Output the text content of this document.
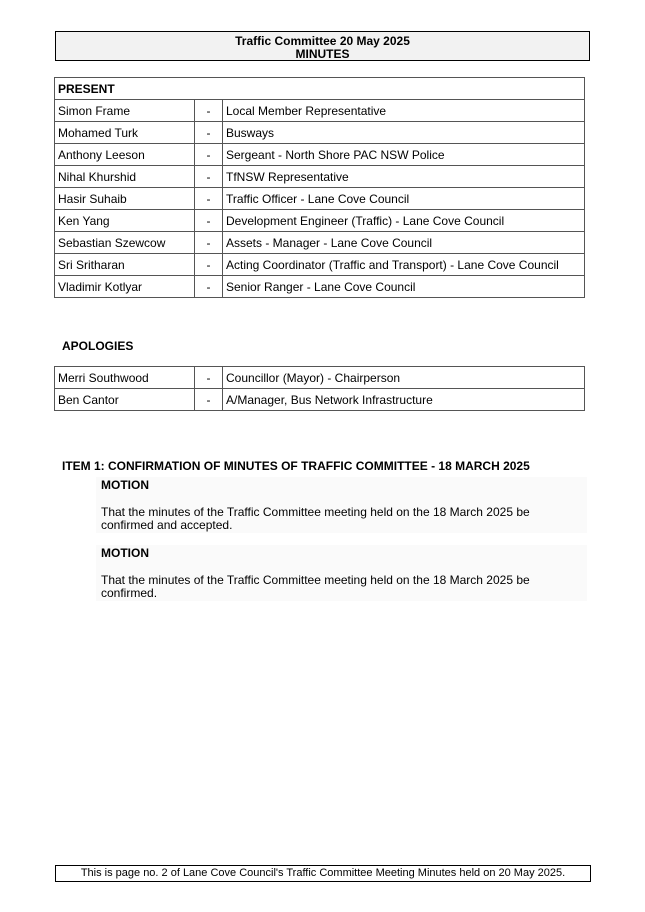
Traffic Committee 20 May 2025
MINUTES
PRESENT		
Simon Frame	-	Local Member Representative
Mohamed Turk	-	Busways
Anthony Leeson	-	Sergeant - North Shore PAC NSW Police
Nihal Khurshid	-	TfNSW Representative
Hasir Suhaib	-	Traffic Officer - Lane Cove Council
Ken Yang	-	Development Engineer (Traffic) - Lane Cove Council
Sebastian Szewcow	-	Assets - Manager - Lane Cove Council
Sri Sritharan	-	Acting Coordinator (Traffic and Transport) - Lane Cove Council
Vladimir Kotlyar	-	Senior Ranger - Lane Cove Council
APOLOGIES
Merri Southwood	-	Councillor (Mayor) - Chairperson
Ben Cantor	-	A/Manager, Bus Network Infrastructure
ITEM 1: CONFIRMATION OF MINUTES OF TRAFFIC COMMITTEE - 18 MARCH 2025
MOTION
That the minutes of the Traffic Committee meeting held on the 18 March 2025 be confirmed and accepted.
MOTION
That the minutes of the Traffic Committee meeting held on the 18 March 2025 be confirmed.
This is page no. 2 of Lane Cove Council's Traffic Committee Meeting Minutes held on 20 May 2025.
